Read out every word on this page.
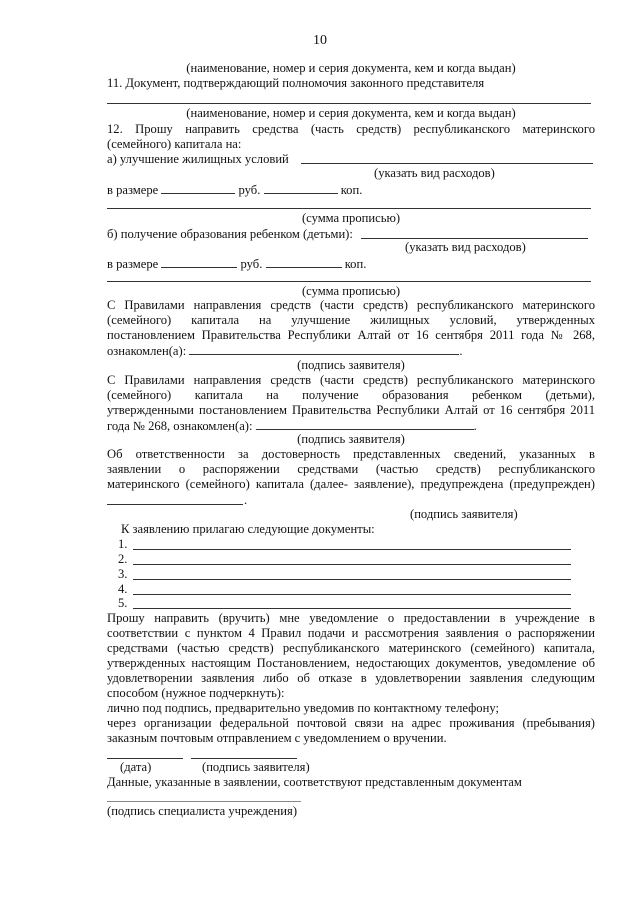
10
(наименование, номер и серия документа, кем и когда выдан)
11. Документ, подтверждающий полномочия законного представителя
(наименование, номер и серия документа, кем и когда выдан)
12. Прошу направить средства (часть средств) республиканского материнского
(семейного) капитала на:
а) улучшение жилищных условий
(указать вид расходов)
в размере	руб.	коп.
(сумма прописью)
б) получение образования ребенком (детьми):
(указать вид расходов)
в размере	руб.	коп.
(сумма прописью)
С Правилами направления средств (части средств) республиканского материнского
(семейного) капитала на улучшение жилищных условий, утвержденных
постановлением Правительства Республики Алтай от 16 сентября 2011 года № 268,
ознакомлен(а):	.
(подпись заявителя)
С Правилами направления средств (части средств) республиканского материнского
(семейного) капитала на получение образования ребенком (детьми),
утвержденными постановлением Правительства Республики Алтай от 16 сентября 2011
года № 268, ознакомлен(а):	.
(подпись заявителя)
Об ответственности за достоверность представленных сведений, указанных в
заявлении о распоряжении средствами (частью средств) республиканского
материнского (семейного) капитала (далее- заявление), предупреждена (предупрежден)
.
(подпись заявителя)
К заявлению прилагаю следующие документы:
1.
2.
3.
4.
5.
Прошу направить (вручить) мне уведомление о предоставлении в учреждение в
соответствии с пунктом 4 Правил подачи и рассмотрения заявления о распоряжении
средствами (частью средств) республиканского материнского (семейного) капитала,
утвержденных настоящим Постановлением, недостающих документов, уведомление об
удовлетворении заявления либо об отказе в удовлетворении заявления следующим
способом (нужное подчеркнуть):
лично под подпись, предварительно уведомив по контактному телефону;
через организации федеральной почтовой связи на адрес проживания (пребывания)
заказным почтовым отправлением с уведомлением о вручении.
(дата)	(подпись заявителя)
Данные, указанные в заявлении, соответствуют представленным документам
(подпись специалиста учреждения)
